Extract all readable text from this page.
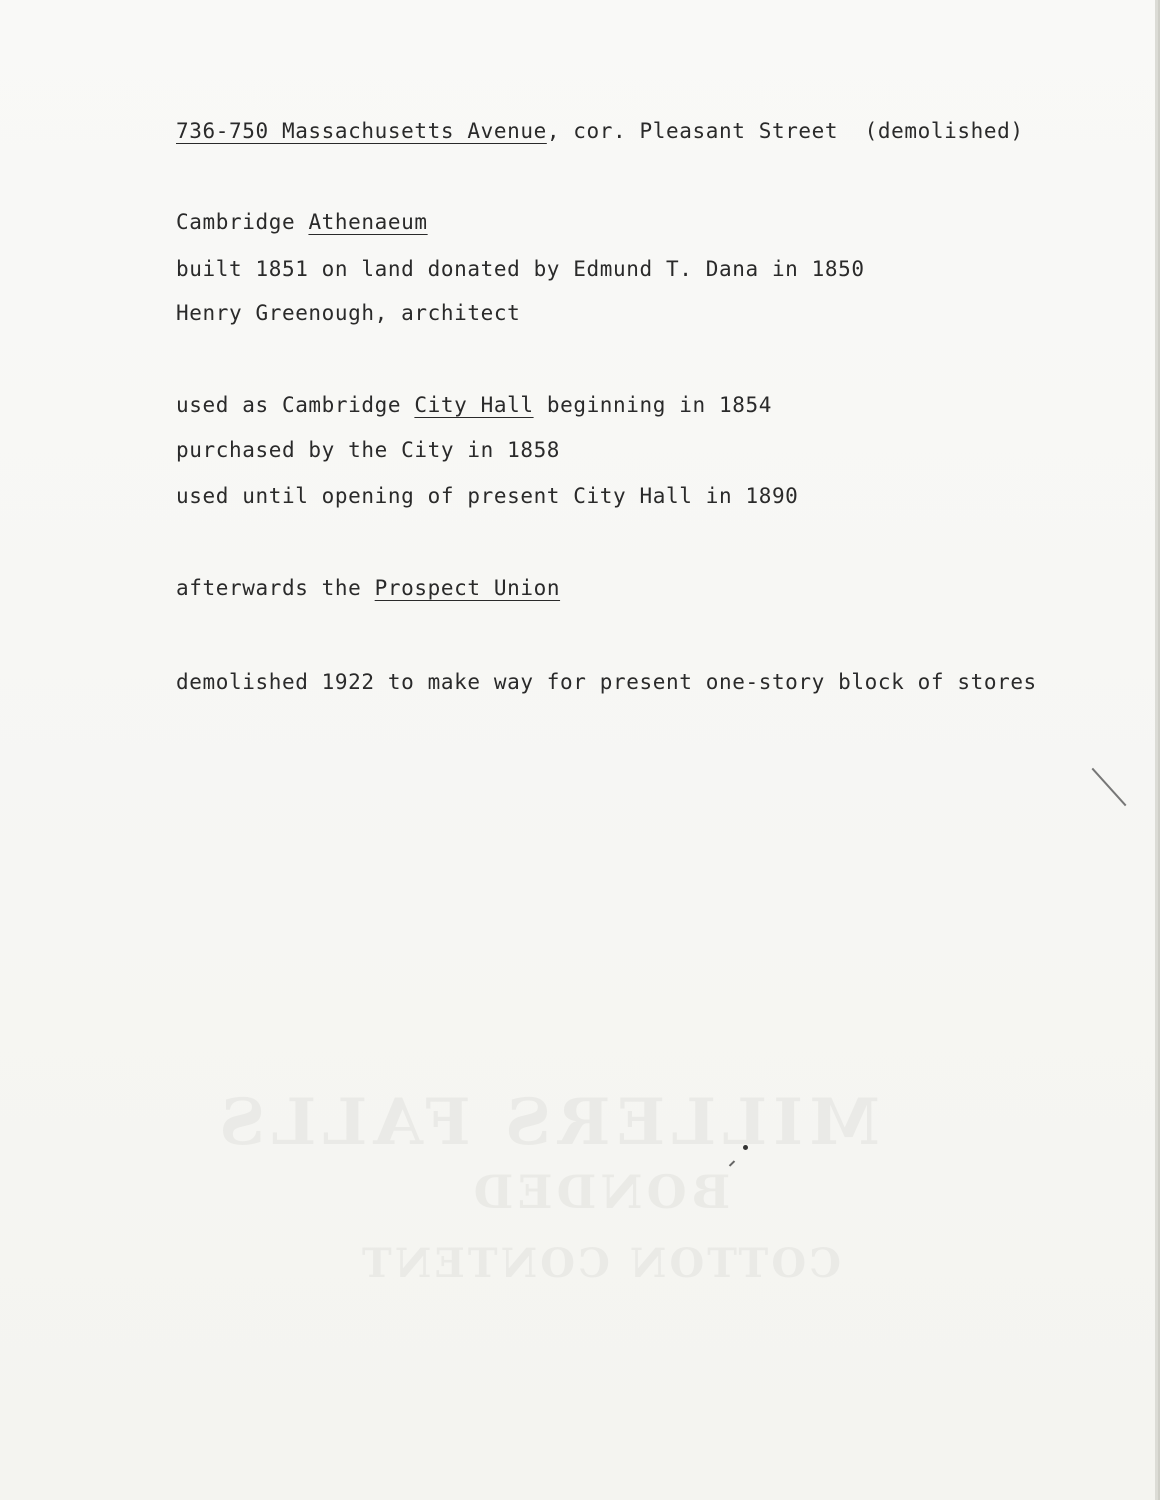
736-750 Massachusetts Avenue, cor. Pleasant Street  (demolished)

Cambridge Athenaeum

built 1851 on land donated by Edmund T. Dana in 1850

Henry Greenough, architect

used as Cambridge City Hall beginning in 1854

purchased by the City in 1858

used until opening of present City Hall in 1890

afterwards the Prospect Union

demolished 1922 to make way for present one-story block of stores
